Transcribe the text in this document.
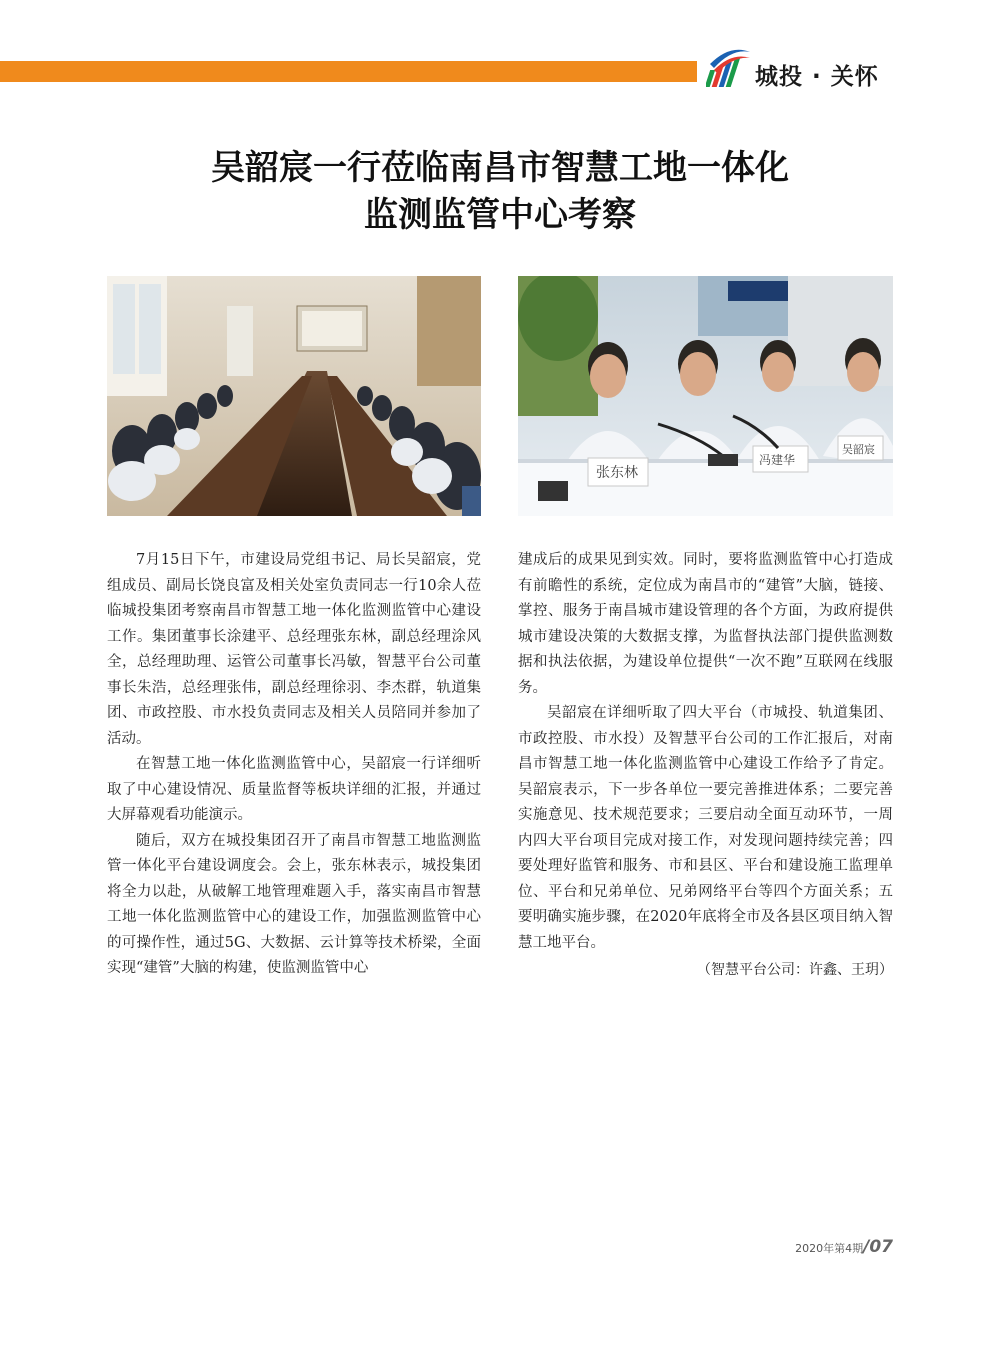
城投 · 关怀
吴韶宸一行莅临南昌市智慧工地一体化
监测监管中心考察
张东林
冯建华
吴韶宸

7月15日下午，市建设局党组书记、局长吴韶宸，党组成员、副局长饶良富及相关处室负责同志一行10余人莅临城投集团考察南昌市智慧工地一体化监测监管中心建设工作。集团董事长涂建平、总经理张东林，副总经理涂风全，总经理助理、运管公司董事长冯敏，智慧平台公司董事长朱浩，总经理张伟，副总经理徐羽、李杰群，轨道集团、市政控股、市水投负责同志及相关人员陪同并参加了活动。

在智慧工地一体化监测监管中心，吴韶宸一行详细听取了中心建设情况、质量监督等板块详细的汇报，并通过大屏幕观看功能演示。

随后，双方在城投集团召开了南昌市智慧工地监测监管一体化平台建设调度会。会上，张东林表示，城投集团将全力以赴，从破解工地管理难题入手，落实南昌市智慧工地一体化监测监管中心的建设工作，加强监测监管中心的可操作性，通过5G、大数据、云计算等技术桥梁，全面实现“建管”大脑的构建，使监测监管中心

建成后的成果见到实效。同时，要将监测监管中心打造成有前瞻性的系统，定位成为南昌市的“建管”大脑，链接、掌控、服务于南昌城市建设管理的各个方面，为政府提供城市建设决策的大数据支撑，为监督执法部门提供监测数据和执法依据，为建设单位提供“一次不跑”互联网在线服务。

吴韶宸在详细听取了四大平台（市城投、轨道集团、市政控股、市水投）及智慧平台公司的工作汇报后，对南昌市智慧工地一体化监测监管中心建设工作给予了肯定。吴韶宸表示，下一步各单位一要完善推进体系；二要完善实施意见、技术规范要求；三要启动全面互动环节，一周内四大平台项目完成对接工作，对发现问题持续完善；四要处理好监管和服务、市和县区、平台和建设施工监理单位、平台和兄弟单位、兄弟网络平台等四个方面关系；五要明确实施步骤，在2020年底将全市及各县区项目纳入智慧工地平台。

（智慧平台公司：许鑫、王玥）
2020年第4期/07
